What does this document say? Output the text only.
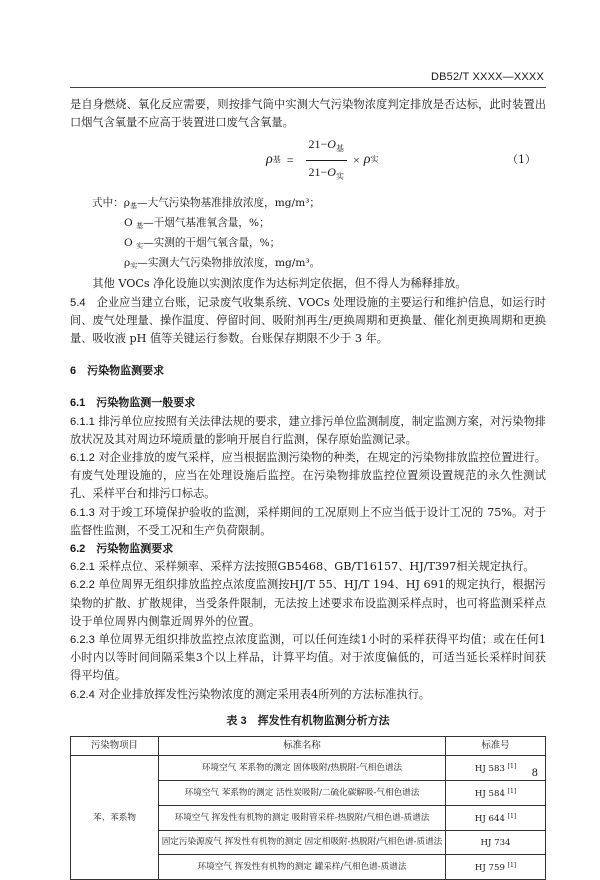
DB52/T XXXX—XXXX

是自身燃烧、氧化反应需要，则按排气筒中实测大气污染物浓度判定排放是否达标，此时装置出口烟气含氧量不应高于装置进口废气含氧量。

ρ 基 = $\frac{21-O_基}{21-O_实} \times \rho$ 实	（1）
式中：ρ基—大气污染物基准排放浓度，mg/m³；
O 基—干烟气基准氧含量，%；
O 实—实测的干烟气氧含量，%；
ρ实—实测大气污染物排放浓度，mg/m³。

其他 VOCs 净化设施以实测浓度作为达标判定依据，但不得人为稀释排放。

5.4　 企业应当建立台账，记录废气收集系统、VOCs 处理设施的主要运行和维护信息，如运行时间、废气处理量、操作温度、停留时间、吸附剂再生/更换周期和更换量、催化剂更换周期和更换量、吸收液 pH 值等关键运行参数。台账保存期限不少于 3 年。

6　 污染物监测要求

6.1　 污染物监测一般要求

6.1.1 排污单位应按照有关法律法规的要求，建立排污单位监测制度，制定监测方案，对污染物排放状况及其对周边环境质量的影响开展自行监测，保存原始监测记录。

6.1.2 对企业排放的废气采样，应当根据监测污染物的种类，在规定的污染物排放监控位置进行。有废气处理设施的，应当在处理设施后监控。在污染物排放监控位置须设置规范的永久性测试孔、采样平台和排污口标志。

6.1.3 对于竣工环境保护验收的监测，采样期间的工况原则上不应当低于设计工况的 75%。对于监督性监测，不受工况和生产负荷限制。

6.2　 污染物监测要求

6.2.1 采样点位、采样频率、采样方法按照GB5468、GB/T16157、HJ/T397相关规定执行。

6.2.2 单位周界无组织排放监控点浓度监测按HJ/T 55、HJ/T 194、HJ 691的规定执行，根据污染物的扩散、扩散规律，当受条件限制，无法按上述要求布设监测采样点时，也可将监测采样点设于单位周界内侧靠近周界外的位置。

6.2.3 单位周界无组织排放监控点浓度监测，可以任何连续1小时的采样获得平均值；或在任何1小时内以等时间间隔采集3个以上样品，计算平均值。对于浓度偏低的，可适当延长采样时间获得平均值。

6.2.4 对企业排放挥发性污染物浓度的测定采用表4所列的方法标准执行。

表 3　挥发性有机物监测分析方法
污染物项目	标准名称	标准号
苯、苯系物	环境空气 苯系物的测定 固体吸附/热脱附-气相色谱法	HJ 583 [1]
	环境空气 苯系物的测定 活性炭吸附/二硫化碳解吸-气相色谱法	HJ 584 [1]
	环境空气 挥发性有机物的测定 吸附管采样-热脱附/气相色谱-质谱法	HJ 644 [1]
	固定污染源废气 挥发性有机物的测定 固定相吸附-热脱附/气相色谱-质谱法	HJ 734
	环境空气 挥发性有机物的测定 罐采样/气相色谱-质谱法	HJ 759 [1]
8
